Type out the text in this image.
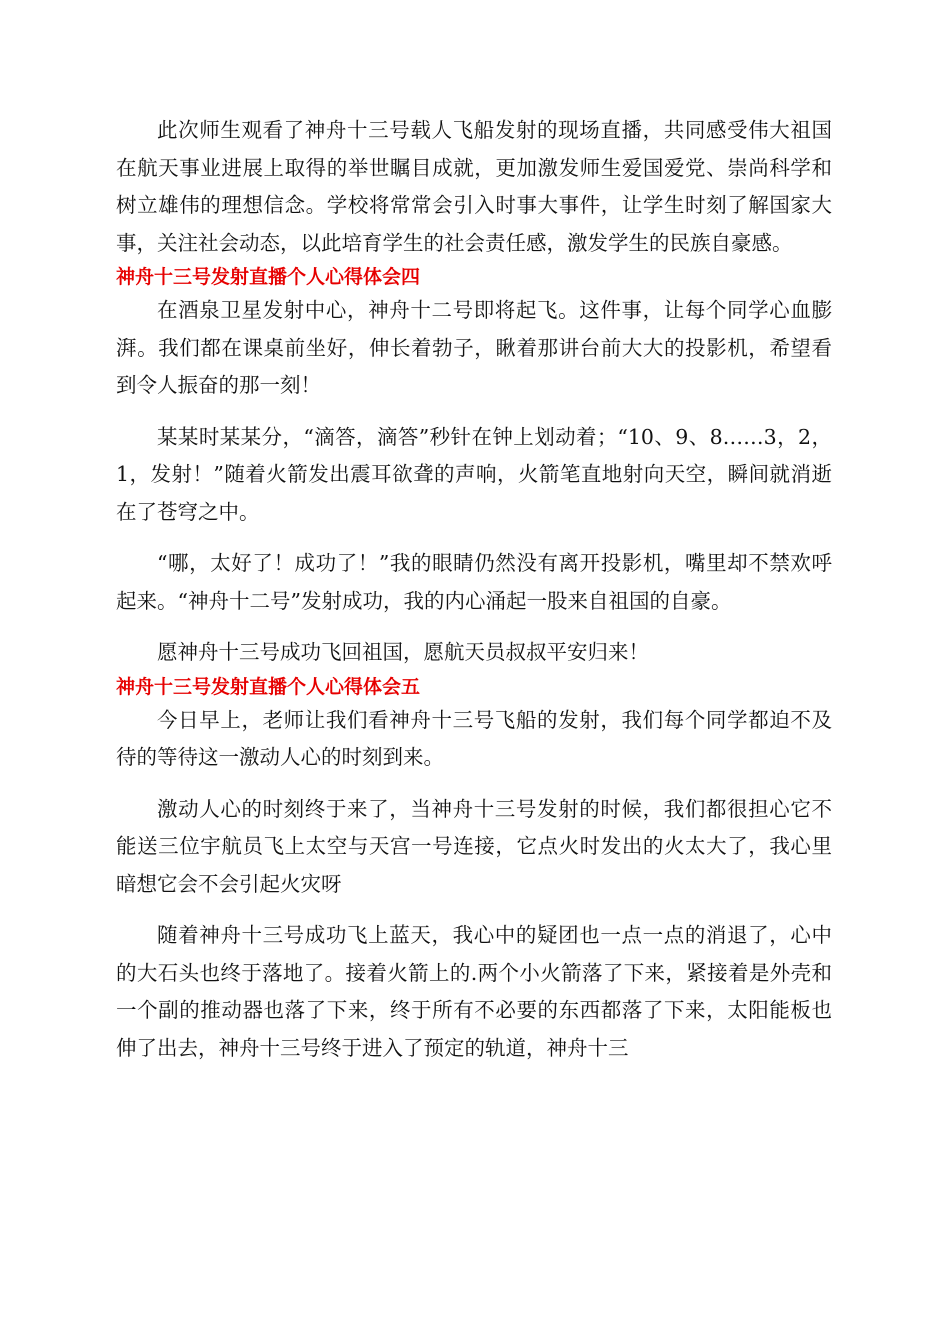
此次师生观看了神舟十三号载人飞船发射的现场直播，共同感受伟大祖国在航天事业进展上取得的举世瞩目成就，更加激发师生爱国爱党、崇尚科学和树立雄伟的理想信念。学校将常常会引入时事大事件，让学生时刻了解国家大事，关注社会动态，以此培育学生的社会责任感，激发学生的民族自豪感。

神舟十三号发射直播个人心得体会四

在酒泉卫星发射中心，神舟十二号即将起飞。这件事，让每个同学心血膨湃。我们都在课桌前坐好，伸长着勃子，瞅着那讲台前大大的投影机，希望看到令人振奋的那一刻！

某某时某某分，“滴答，滴答”秒针在钟上划动着；“10、9、8……3，2，1，发射！”随着火箭发出震耳欲聋的声响，火箭笔直地射向天空，瞬间就消逝在了苍穹之中。

“哪，太好了！成功了！”我的眼睛仍然没有离开投影机，嘴里却不禁欢呼起来。“神舟十二号”发射成功，我的内心涌起一股来自祖国的自豪。

愿神舟十三号成功飞回祖国，愿航天员叔叔平安归来！

神舟十三号发射直播个人心得体会五

今日早上，老师让我们看神舟十三号飞船的发射，我们每个同学都迫不及待的等待这一激动人心的时刻到来。

激动人心的时刻终于来了，当神舟十三号发射的时候，我们都很担心它不能送三位宇航员飞上太空与天宫一号连接，它点火时发出的火太大了，我心里暗想它会不会引起火灾呀

随着神舟十三号成功飞上蓝天，我心中的疑团也一点一点的消退了，心中的大石头也终于落地了。接着火箭上的.两个小火箭落了下来，紧接着是外壳和一个副的推动器也落了下来，终于所有不必要的东西都落了下来，太阳能板也伸了出去，神舟十三号终于进入了预定的轨道，神舟十三
